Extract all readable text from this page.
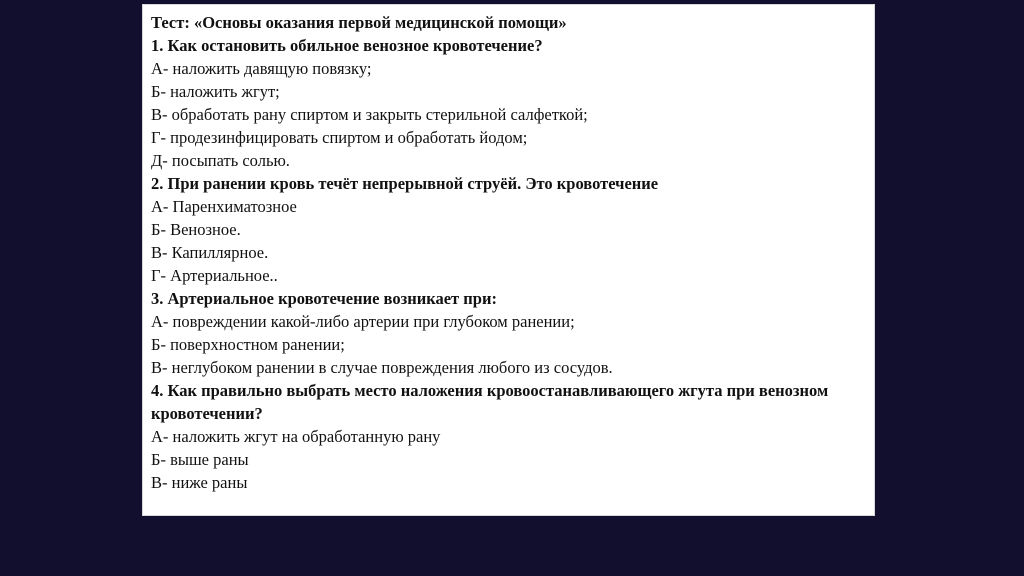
Тест: «Основы оказания первой медицинской помощи»
1. Как остановить обильное венозное кровотечение?
А- наложить давящую повязку;
Б- наложить жгут;
В- обработать рану спиртом и закрыть стерильной салфеткой;
Г- продезинфицировать спиртом и обработать йодом;
Д- посыпать солью.
2. При ранении кровь течёт непрерывной струёй. Это кровотечение
А- Паренхиматозное
Б- Венозное.
В- Капиллярное.
Г- Артериальное..
3. Артериальное кровотечение возникает при:
А- повреждении какой-либо артерии при глубоком ранении;
Б- поверхностном ранении;
В- неглубоком ранении в случае повреждения любого из сосудов.
4. Как правильно выбрать место наложения кровоостанавливающего жгута при венозном кровотечении?
А- наложить жгут на обработанную рану
Б- выше раны
В- ниже раны
